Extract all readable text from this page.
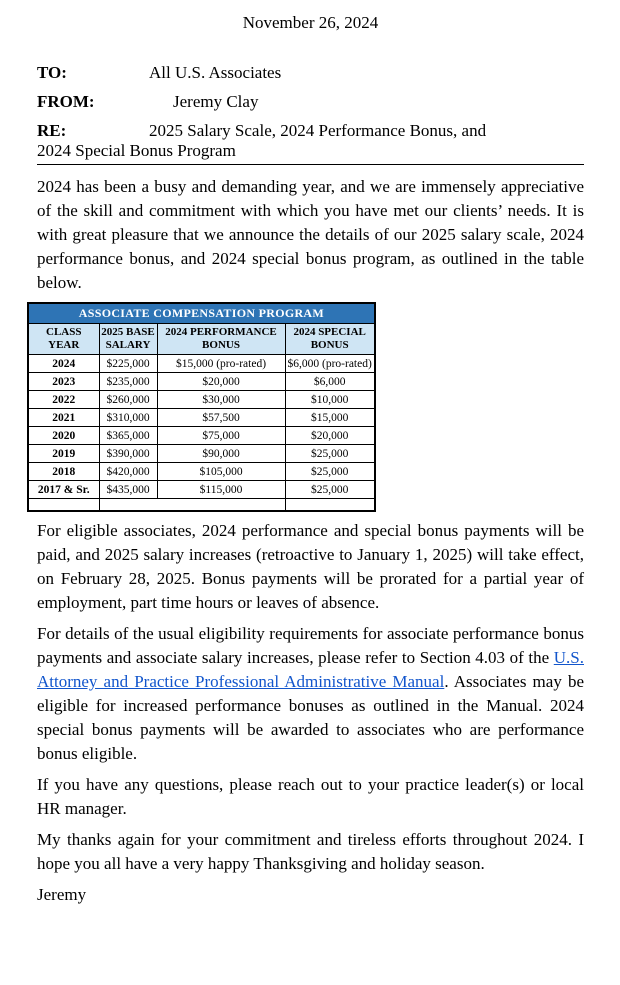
November 26, 2024
TO:	All U.S. Associates
FROM:	Jeremy Clay
RE:	2025 Salary Scale, 2024 Performance Bonus, and
2024 Special Bonus Program

2024 has been a busy and demanding year, and we are immensely appreciative of the skill and commitment with which you have met our clients’ needs. It is with great pleasure that we announce the details of our 2025 salary scale, 2024 performance bonus, and 2024 special bonus program, as outlined in the table below.

ASSOCIATE COMPENSATION PROGRAM			
CLASS YEAR	2025 BASE SALARY	2024 PERFORMANCE BONUS	2024 SPECIAL BONUS
2024	$225,000	$15,000 (pro-rated)	$6,000 (pro-rated)
2023	$235,000	$20,000	$6,000
2022	$260,000	$30,000	$10,000
2021	$310,000	$57,500	$15,000
2020	$365,000	$75,000	$20,000
2019	$390,000	$90,000	$25,000
2018	$420,000	$105,000	$25,000
2017 & Sr.	$435,000	$115,000	$25,000

For eligible associates, 2024 performance and special bonus payments will be paid, and 2025 salary increases (retroactive to January 1, 2025) will take effect, on February 28, 2025. Bonus payments will be prorated for a partial year of employment, part time hours or leaves of absence.

For details of the usual eligibility requirements for associate performance bonus payments and associate salary increases, please refer to Section 4.03 of the U.S. Attorney and Practice Professional Administrative Manual. Associates may be eligible for increased performance bonuses as outlined in the Manual. 2024 special bonus payments will be awarded to associates who are performance bonus eligible.

If you have any questions, please reach out to your practice leader(s) or local HR manager.

My thanks again for your commitment and tireless efforts throughout 2024. I hope you all have a very happy Thanksgiving and holiday season.

Jeremy
